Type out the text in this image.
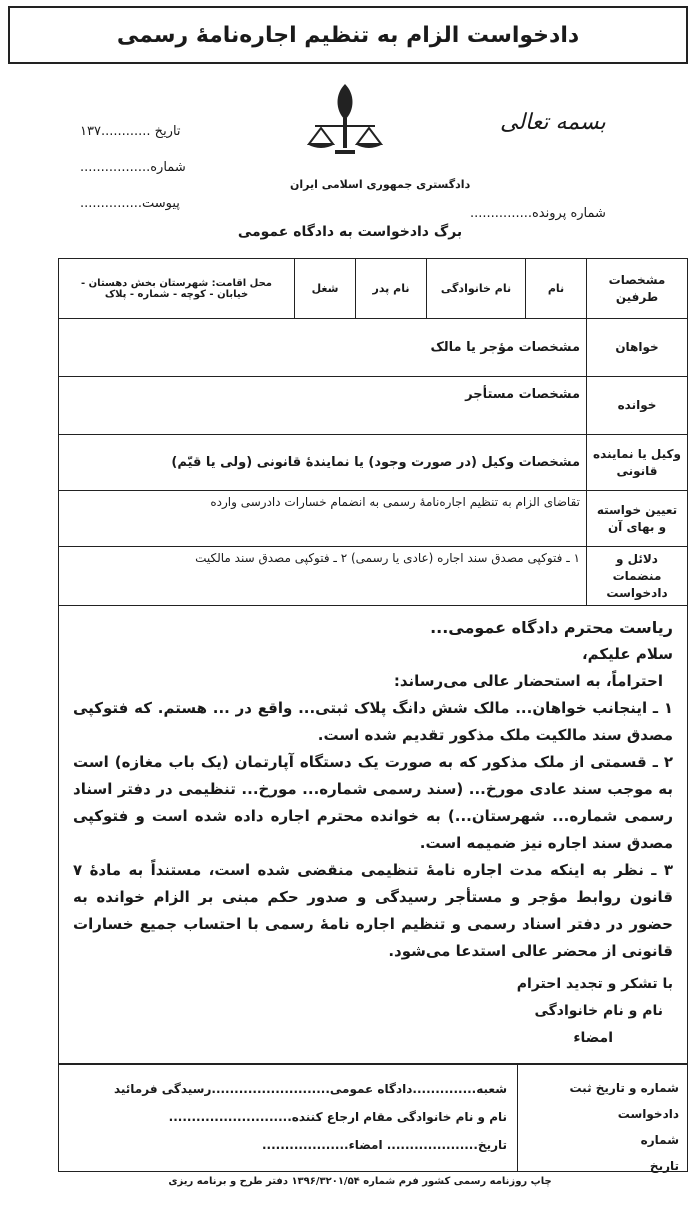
دادخواست الزام به تنظیم اجاره‌نامهٔ رسمی
تاریخ ............۱۳۷
شماره.................
پیوست...............
دادگستری جمهوری اسلامی ایران
بسمه تعالی
شماره پرونده...............
برگ دادخواست به دادگاه عمومی
مشخصات طرفین	نام	نام خانوادگی	نام پدر	شغل	محل اقامت: شهرستان بخش دهستان - خیابان - کوچه - شماره - پلاک
خواهان	مشخصات مؤجر یا مالک				
خوانده	مشخصات مستأجر				
وکیل یا نماینده قانونی	مشخصات وکیل (در صورت وجود) یا نمایندهٔ قانونی (ولی یا قیّم)				
تعیین خواسته و بهای آن	تقاضای الزام به تنظیم اجاره‌نامهٔ رسمی به انضمام خسارات دادرسی وارده				
دلائل و منضمات دادخواست	۱ ـ فتوکپی مصدق سند اجاره (عادی یا رسمی) ۲ ـ فتوکپی مصدق سند مالکیت				

ریاست محترم دادگاه عمومی...

سلام علیکم،

احتراماً، به استحضار عالی می‌رساند:

۱ ـ اینجانب خواهان... مالک شش دانگ پلاک ثبتی... واقع در ... هستم. که فتوکپی مصدق سند مالکیت ملک مذکور تقدیم شده است.

۲ ـ قسمتی از ملک مذکور که به صورت یک دستگاه آپارتمان (یک باب مغازه) است به موجب سند عادی مورخ... (سند رسمی شماره... مورخ... تنظیمی در دفتر اسناد رسمی شماره... شهرستان...) به خوانده محترم اجاره داده شده است و فتوکپی مصدق سند اجاره نیز ضمیمه است.

۳ ـ نظر به اینکه مدت اجاره نامهٔ تنظیمی منقضی شده است، مستنداً به مادهٔ ۷ قانون روابط مؤجر و مستأجر رسیدگی و صدور حکم مبنی بر الزام خوانده به حضور در دفتر اسناد رسمی و تنظیم اجاره نامهٔ رسمی با احتساب جمیع خسارات قانونی از محضر عالی استدعا می‌شود.

با تشکر و تجدید احترام

نام و نام خانوادگی

امضاء

شماره و تاریخ ثبت دادخواست
شماره
تاریخ
شعبه..............دادگاه عمومی..........................رسیدگی فرمائید
نام و نام خانوادگی مقام ارجاع کننده...........................
تاریخ.................... امضاء...................
چاپ روزنامه رسمی کشور فرم شماره ۱۳۹۶/۳۲۰۱/۵۴ دفتر طرح و برنامه ریزی
